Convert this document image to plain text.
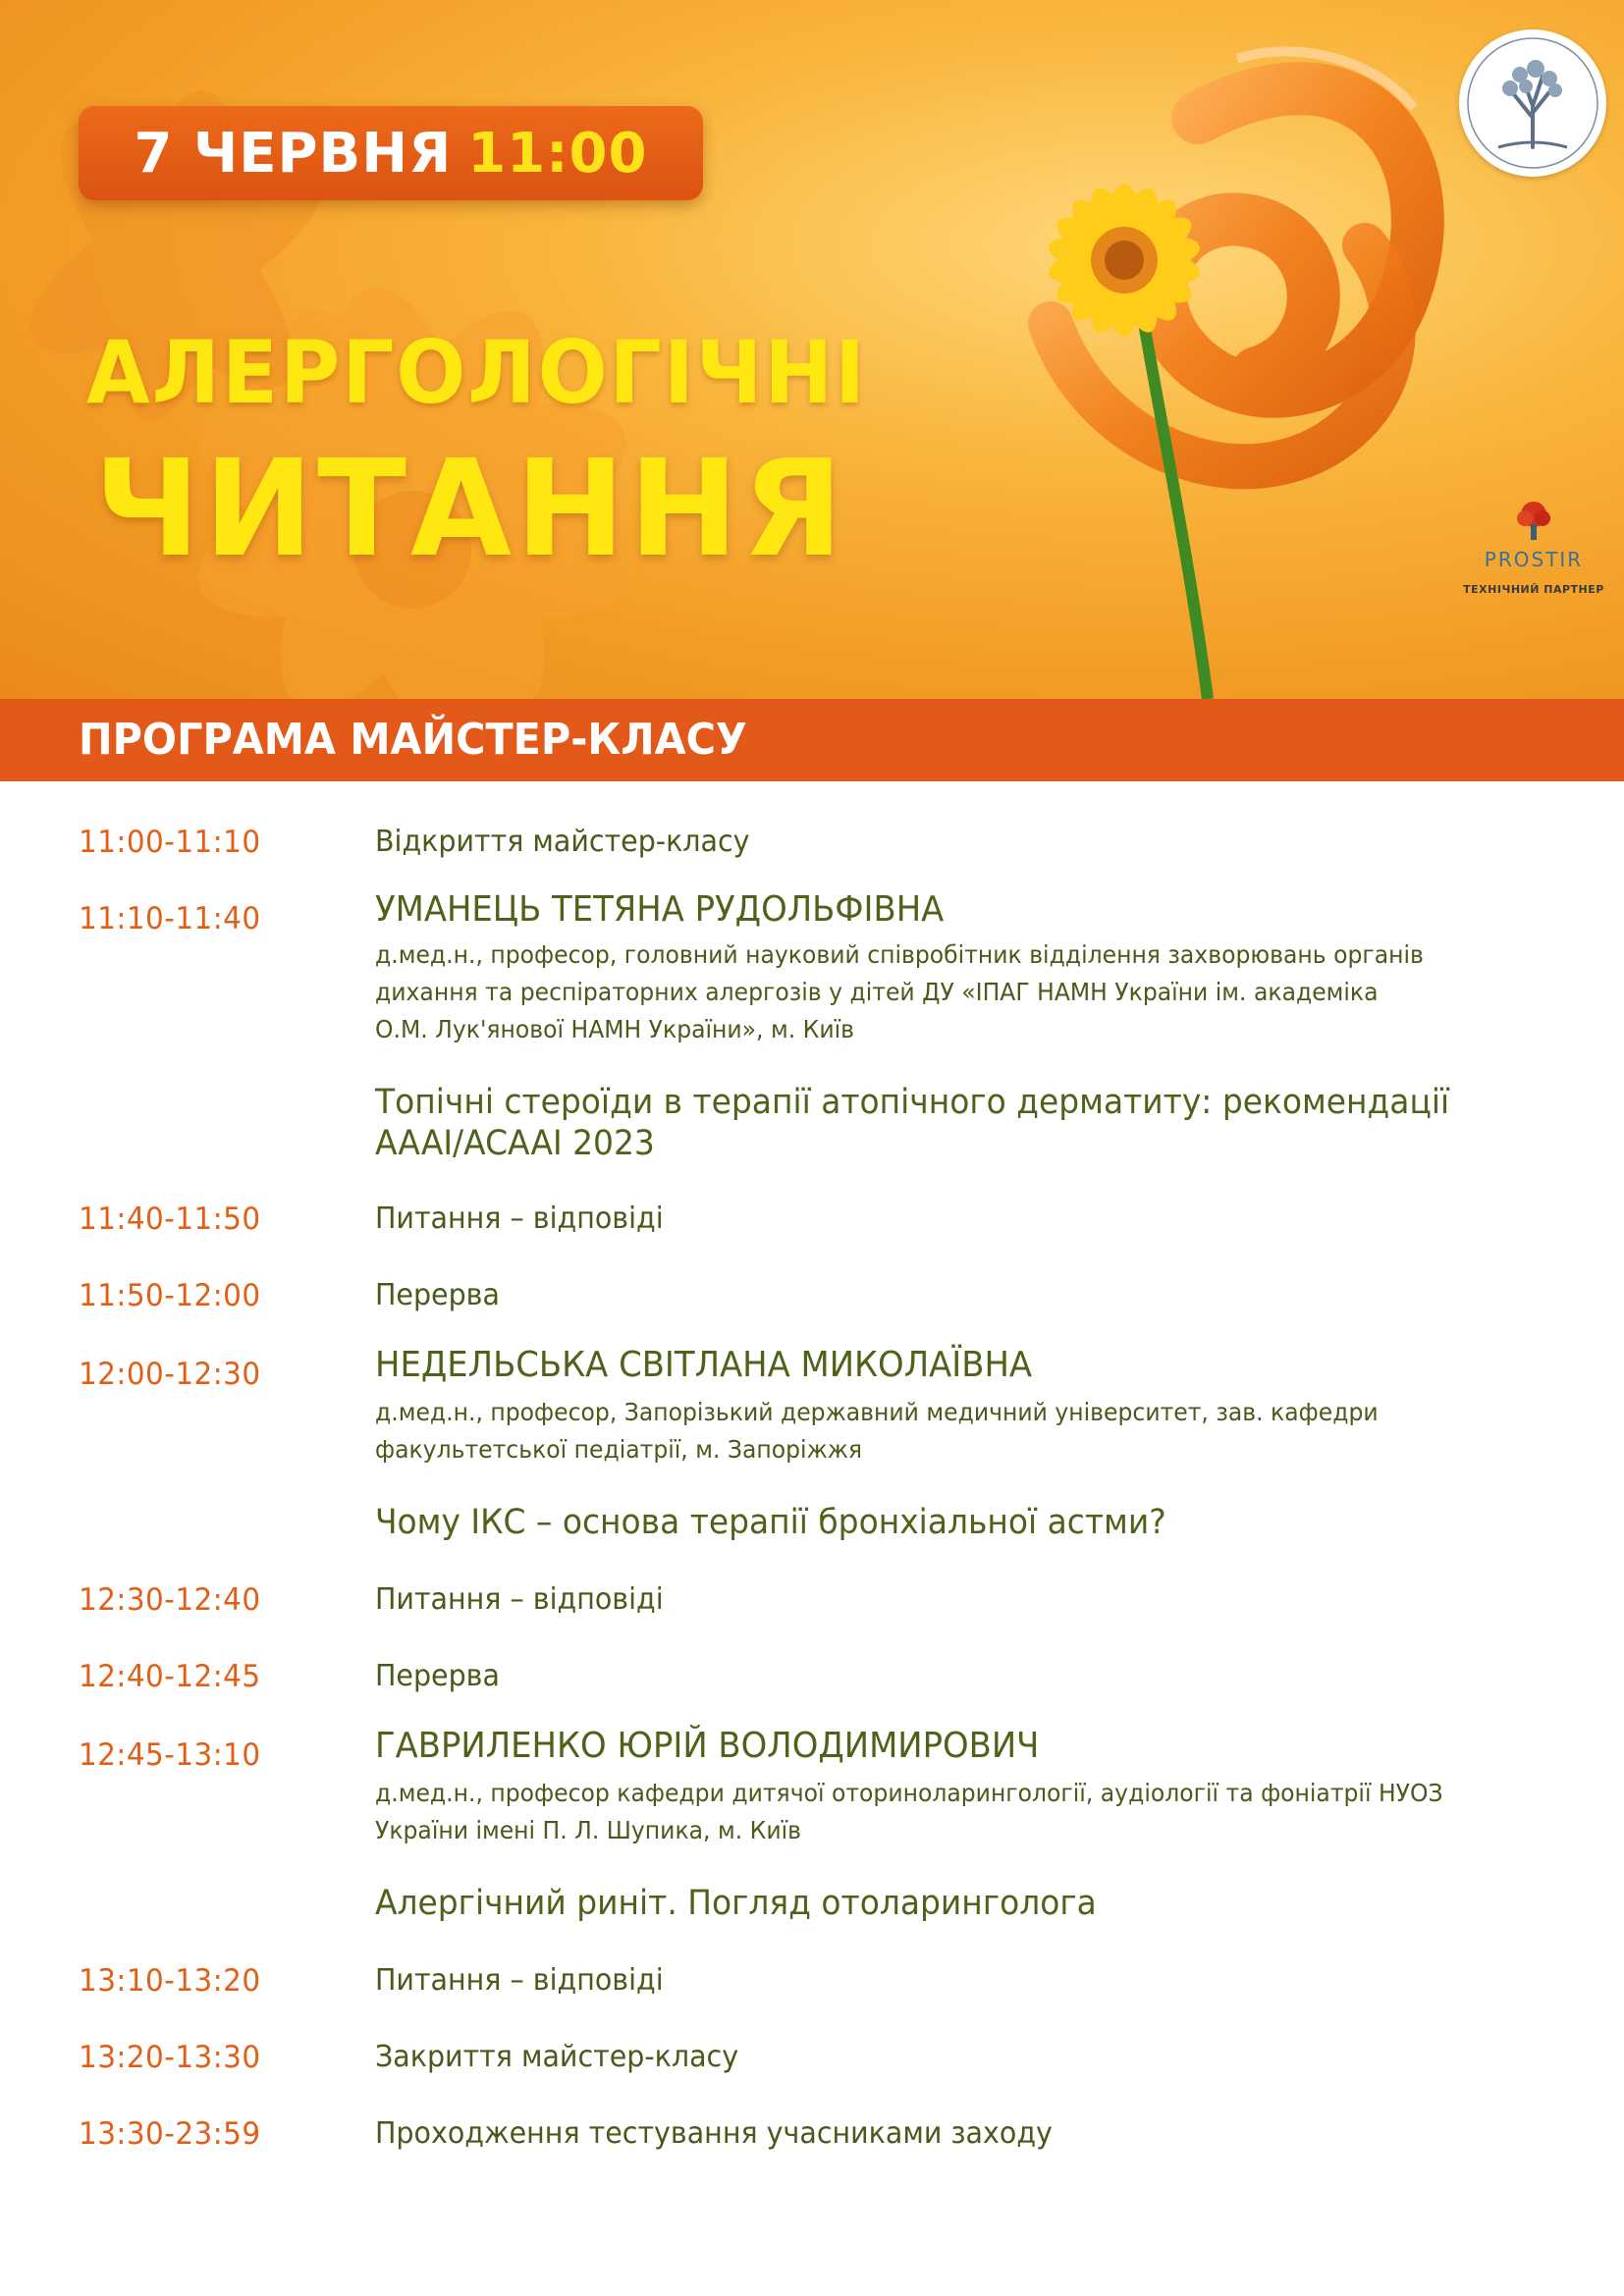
7 ЧЕРВНЯ 11:00
АЛЕРГОЛОГІЧНІ
ЧИТАННЯ	PROSTIR
ТЕХНІЧНИЙ ПАРТНЕР
ПРОГРАМА МАЙСТЕР-КЛАСУ
11:00-11:10	Відкриття майстер-класу
11:10-11:40	УМАНЕЦЬ ТЕТЯНА РУДОЛЬФІВНА
д.мед.н., професор, головний науковий співробітник відділення захворювань органів
дихання та респіраторних алергозів у дітей ДУ «ІПАГ НАМН України ім. академіка
О.М. Лук'янової НАМН України», м. Київ
Топічні стероїди в терапії атопічного дерматиту: рекомендації
AAAI/ACAAI 2023
11:40-11:50	Питання – відповіді
11:50-12:00	Перерва
12:00-12:30	НЕДЕЛЬСЬКА СВІТЛАНА МИКОЛАЇВНА
д.мед.н., професор, Запорізький державний медичний університет, зав. кафедри
факультетської педіатрії, м. Запоріжжя
Чому ІКС – основа терапії бронхіальної астми?
12:30-12:40	Питання – відповіді
12:40-12:45	Перерва
12:45-13:10	ГАВРИЛЕНКО ЮРІЙ ВОЛОДИМИРОВИЧ
д.мед.н., професор кафедри дитячої оториноларингології, аудіології та фоніатрії НУОЗ
України імені П. Л. Шупика, м. Київ
Алергічний риніт. Погляд отоларинголога
13:10-13:20	Питання – відповіді
13:20-13:30	Закриття майстер-класу
13:30-23:59	Проходження тестування учасниками заходу
